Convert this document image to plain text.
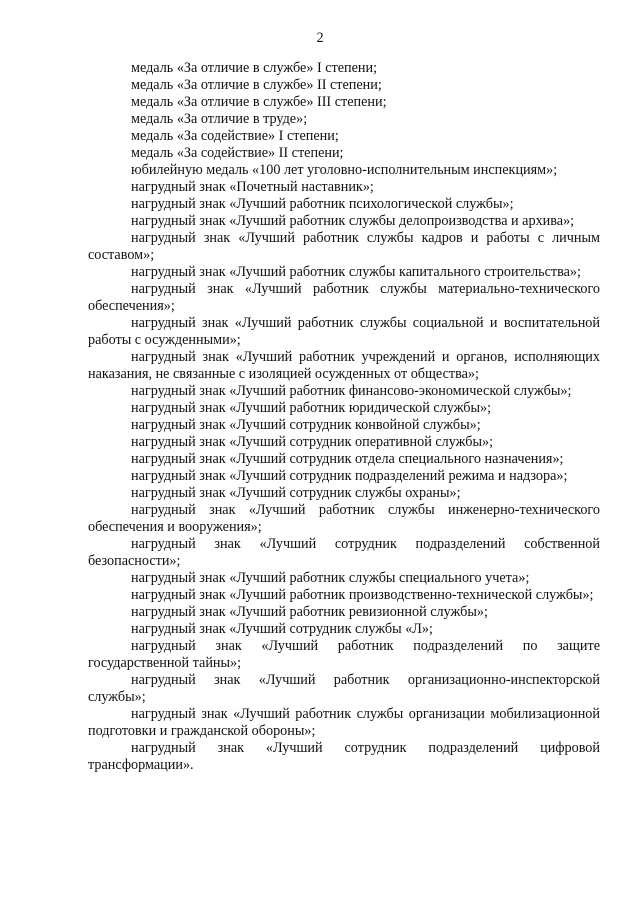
2

медаль «За отличие в службе» I степени;

медаль «За отличие в службе» II степени;

медаль «За отличие в службе» III степени;

медаль «За отличие в труде»;

медаль «За содействие» I степени;

медаль «За содействие» II степени;

юбилейную медаль «100 лет уголовно-исполнительным инспекциям»;

нагрудный знак «Почетный наставник»;

нагрудный знак «Лучший работник психологической службы»;

нагрудный знак «Лучший работник службы делопроизводства и архива»;

нагрудный знак «Лучший работник службы кадров и работы с личным составом»;

нагрудный знак «Лучший работник службы капитального строительства»;

нагрудный знак «Лучший работник службы материально-технического обеспечения»;

нагрудный знак «Лучший работник службы социальной и воспитательной работы с осужденными»;

нагрудный знак «Лучший работник учреждений и органов, исполняющих наказания, не связанные с изоляцией осужденных от общества»;

нагрудный знак «Лучший работник финансово-экономической службы»;

нагрудный знак «Лучший работник юридической службы»;

нагрудный знак «Лучший сотрудник конвойной службы»;

нагрудный знак «Лучший сотрудник оперативной службы»;

нагрудный знак «Лучший сотрудник отдела специального назначения»;

нагрудный знак «Лучший сотрудник подразделений режима и надзора»;

нагрудный знак «Лучший сотрудник службы охраны»;

нагрудный знак «Лучший работник службы инженерно-технического обеспечения и вооружения»;

нагрудный знак «Лучший сотрудник подразделений собственной безопасности»;

нагрудный знак «Лучший работник службы специального учета»;

нагрудный знак «Лучший работник производственно-технической службы»;

нагрудный знак «Лучший работник ревизионной службы»;

нагрудный знак «Лучший сотрудник службы «Л»;

нагрудный знак «Лучший работник подразделений по защите государственной тайны»;

нагрудный знак «Лучший работник организационно-инспекторской службы»;

нагрудный знак «Лучший работник службы организации мобилизационной подготовки и гражданской обороны»;

нагрудный знак «Лучший сотрудник подразделений цифровой трансформации».
